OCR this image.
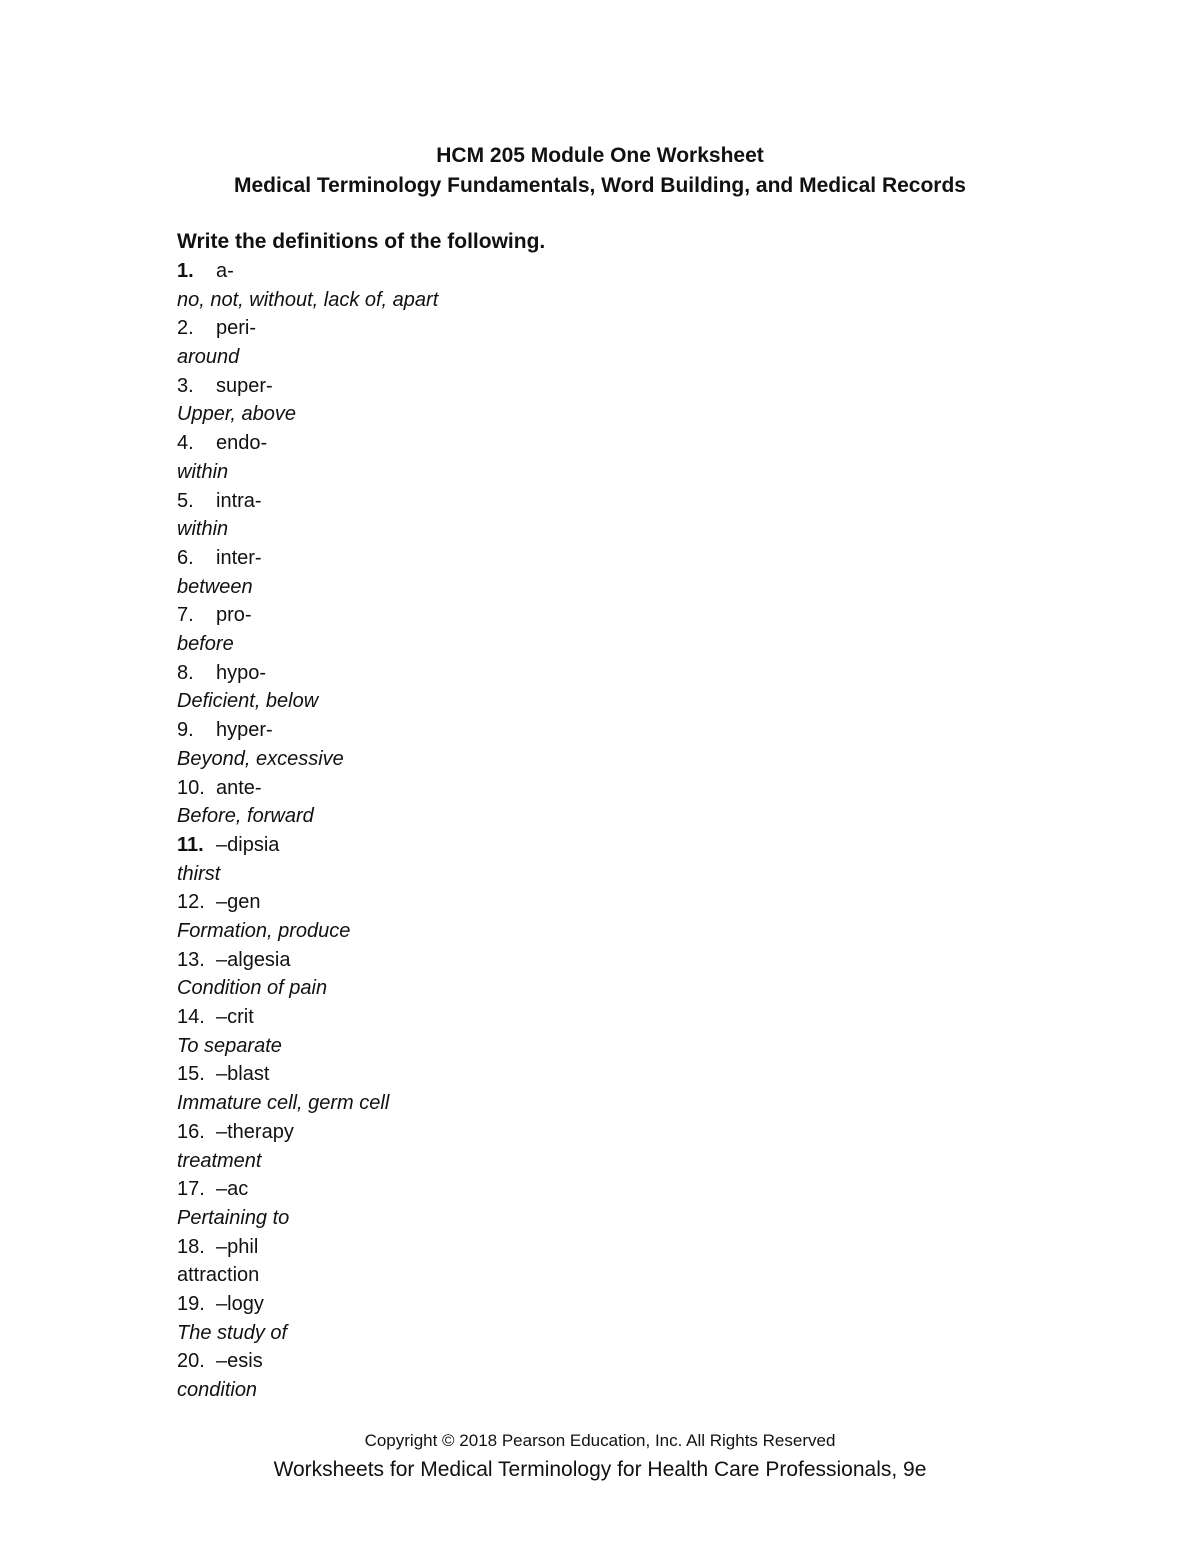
HCM 205 Module One Worksheet
Medical Terminology Fundamentals, Word Building, and Medical Records
Write the definitions of the following.
1. a-
no, not, without, lack of, apart
2. peri-
around
3. super-
Upper, above
4. endo-
within
5. intra-
within
6. inter-
between
7. pro-
before
8. hypo-
Deficient, below
9. hyper-
Beyond, excessive
10. ante-
Before, forward
11. –dipsia
thirst
12. –gen
Formation, produce
13. –algesia
Condition of pain
14. –crit
To separate
15. –blast
Immature cell, germ cell
16. –therapy
treatment
17. –ac
Pertaining to
18. –phil
attraction
19. –logy
The study of
20. –esis
condition
Copyright © 2018 Pearson Education, Inc. All Rights Reserved
Worksheets for Medical Terminology for Health Care Professionals, 9e
